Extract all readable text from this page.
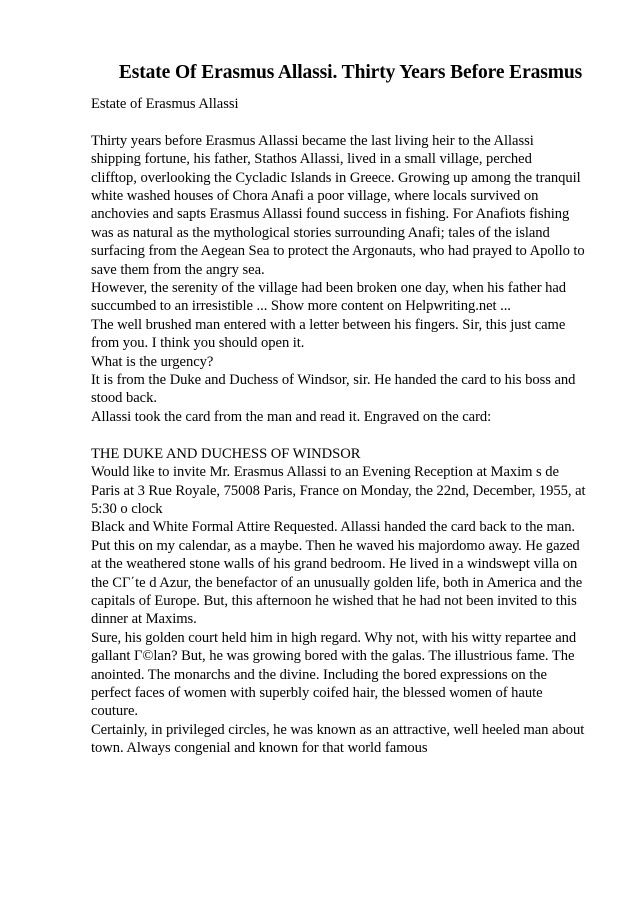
Estate Of Erasmus Allassi. Thirty Years Before Erasmus
Estate of Erasmus Allassi
Thirty years before Erasmus Allassi became the last living heir to the Allassi
shipping fortune, his father, Stathos Allassi, lived in a small village, perched
clifftop, overlooking the Cycladic Islands in Greece. Growing up among the tranquil
white washed houses of Chora Anafi a poor village, where locals survived on
anchovies and sapts Erasmus Allassi found success in fishing. For Anafiots fishing
was as natural as the mythological stories surrounding Anafi; tales of the island
surfacing from the Aegean Sea to protect the Argonauts, who had prayed to Apollo to
save them from the angry sea.
However, the serenity of the village had been broken one day, when his father had
succumbed to an irresistible ... Show more content on Helpwriting.net ...
The well brushed man entered with a letter between his fingers. Sir, this just came
from you. I think you should open it.
What is the urgency?
It is from the Duke and Duchess of Windsor, sir. He handed the card to his boss and
stood back.
Allassi took the card from the man and read it. Engraved on the card:
THE DUKE AND DUCHESS OF WINDSOR
Would like to invite Mr. Erasmus Allassi to an Evening Reception at Maxim s de
Paris at 3 Rue Royale, 75008 Paris, France on Monday, the 22nd, December, 1955, at
5:30 o clock
Black and White Formal Attire Requested. Allassi handed the card back to the man.
Put this on my calendar, as a maybe. Then he waved his majordomo away. He gazed
at the weathered stone walls of his grand bedroom. He lived in a windswept villa on
the CΓ΄te d Azur, the benefactor of an unusually golden life, both in America and the
capitals of Europe. But, this afternoon he wished that he had not been invited to this
dinner at Maxims.
Sure, his golden court held him in high regard. Why not, with his witty repartee and
gallant Γ©lan? But, he was growing bored with the galas. The illustrious fame. The
anointed. The monarchs and the divine. Including the bored expressions on the
perfect faces of women with superbly coifed hair, the blessed women of haute
couture.
Certainly, in privileged circles, he was known as an attractive, well heeled man about
town. Always congenial and known for that world famous
